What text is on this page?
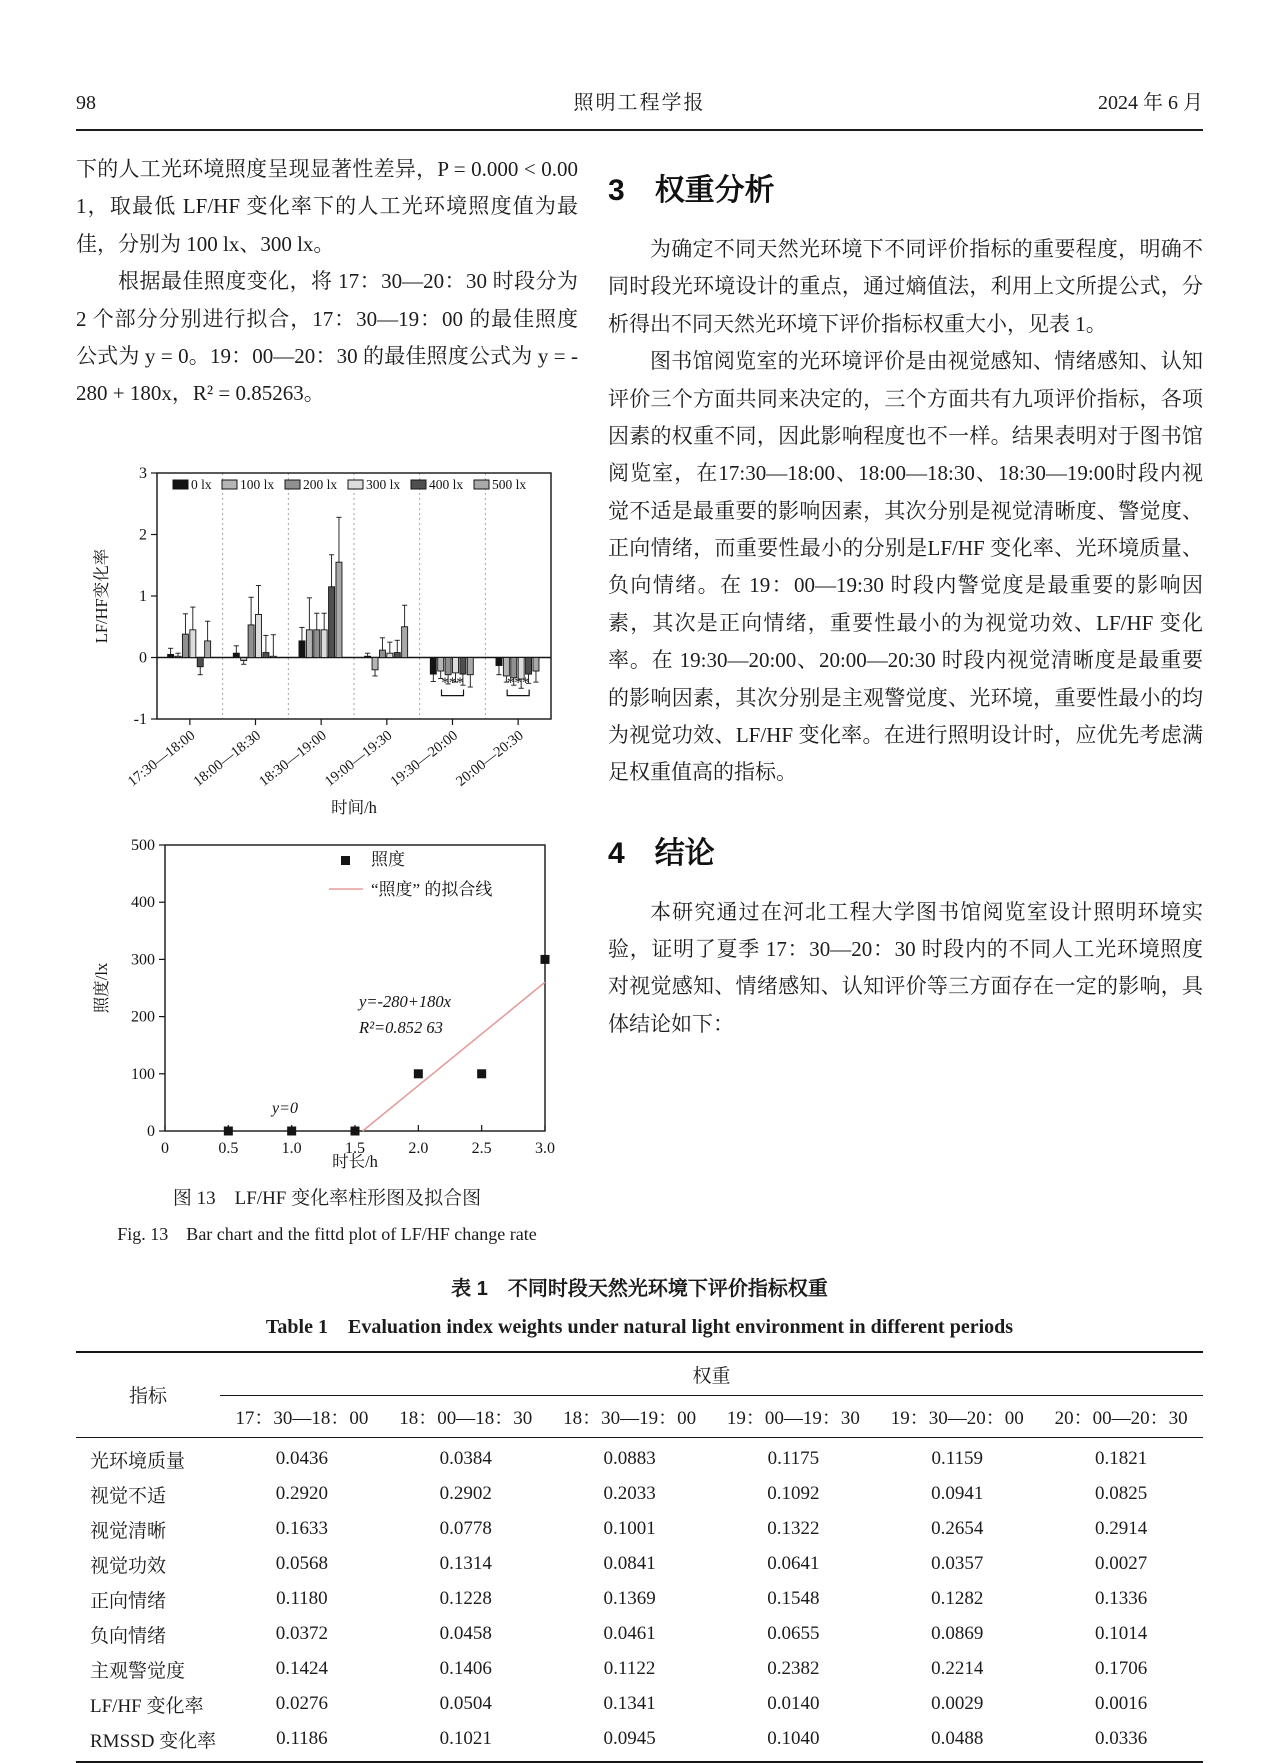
98	照明工程学报	2024 年 6 月

下的人工光环境照度呈现显著性差异，P = 0.000 < 0.001，取最低 LF/HF 变化率下的人工光环境照度值为最佳，分别为 100 lx、300 lx。

根据最佳照度变化，将 17：30—20：30 时段分为 2 个部分分别进行拟合，17：30—19：00 的最佳照度公式为 y = 0。19：00—20：30 的最佳照度公式为 y = -280 + 180x，R² = 0.85263。

***	***
-1
0
1
2
3
0 lx 100 lx 200 lx 300 lx 400 lx 500 lx
17:30—18:00
18:00—18:30
18:30—19:00
19:00—19:30
19:30—20:00
20:00—20:30
时间/h
LF/HF变化率
0
100
200
300
400
500
0	0.5	1.0	1.5	2.0	2.5	3.0
照度
“照度” 的拟合线
y=-280+180x
R²=0.852 63
y=0
时长/h
照度/lx
图 13　LF/HF 变化率柱形图及拟合图
Fig. 13　Bar chart and the fittd plot of LF/HF change rate
3 权重分析

为确定不同天然光环境下不同评价指标的重要程度，明确不同时段光环境设计的重点，通过熵值法，利用上文所提公式，分析得出不同天然光环境下评价指标权重大小，见表 1。

图书馆阅览室的光环境评价是由视觉感知、情绪感知、认知评价三个方面共同来决定的，三个方面共有九项评价指标，各项因素的权重不同，因此影响程度也不一样。结果表明对于图书馆阅览室，在17:30—18:00、18:00—18:30、18:30—19:00时段内视觉不适是最重要的影响因素，其次分别是视觉清晰度、警觉度、正向情绪，而重要性最小的分别是LF/HF 变化率、光环境质量、负向情绪。在 19：00—19:30 时段内警觉度是最重要的影响因素，其次是正向情绪，重要性最小的为视觉功效、LF/HF 变化率。在 19:30—20:00、20:00—20:30 时段内视觉清晰度是最重要的影响因素，其次分别是主观警觉度、光环境，重要性最小的均为视觉功效、LF/HF 变化率。在进行照明设计时，应优先考虑满足权重值高的指标。

4 结论

本研究通过在河北工程大学图书馆阅览室设计照明环境实验，证明了夏季 17：30—20：30 时段内的不同人工光环境照度对视觉感知、情绪感知、认知评价等三方面存在一定的影响，具体结论如下：

表 1　不同时段天然光环境下评价指标权重
Table 1　Evaluation index weights under natural light environment in different periods
指标	权重					
	17：30—18：00	18：00—18：30	18：30—19：00	19：00—19：30	19：30—20：00	20：00—20：30
光环境质量	0.0436	0.0384	0.0883	0.1175	0.1159	0.1821
视觉不适	0.2920	0.2902	0.2033	0.1092	0.0941	0.0825
视觉清晰	0.1633	0.0778	0.1001	0.1322	0.2654	0.2914
视觉功效	0.0568	0.1314	0.0841	0.0641	0.0357	0.0027
正向情绪	0.1180	0.1228	0.1369	0.1548	0.1282	0.1336
负向情绪	0.0372	0.0458	0.0461	0.0655	0.0869	0.1014
主观警觉度	0.1424	0.1406	0.1122	0.2382	0.2214	0.1706
LF/HF 变化率	0.0276	0.0504	0.1341	0.0140	0.0029	0.0016
RMSSD 变化率	0.1186	0.1021	0.0945	0.1040	0.0488	0.0336
